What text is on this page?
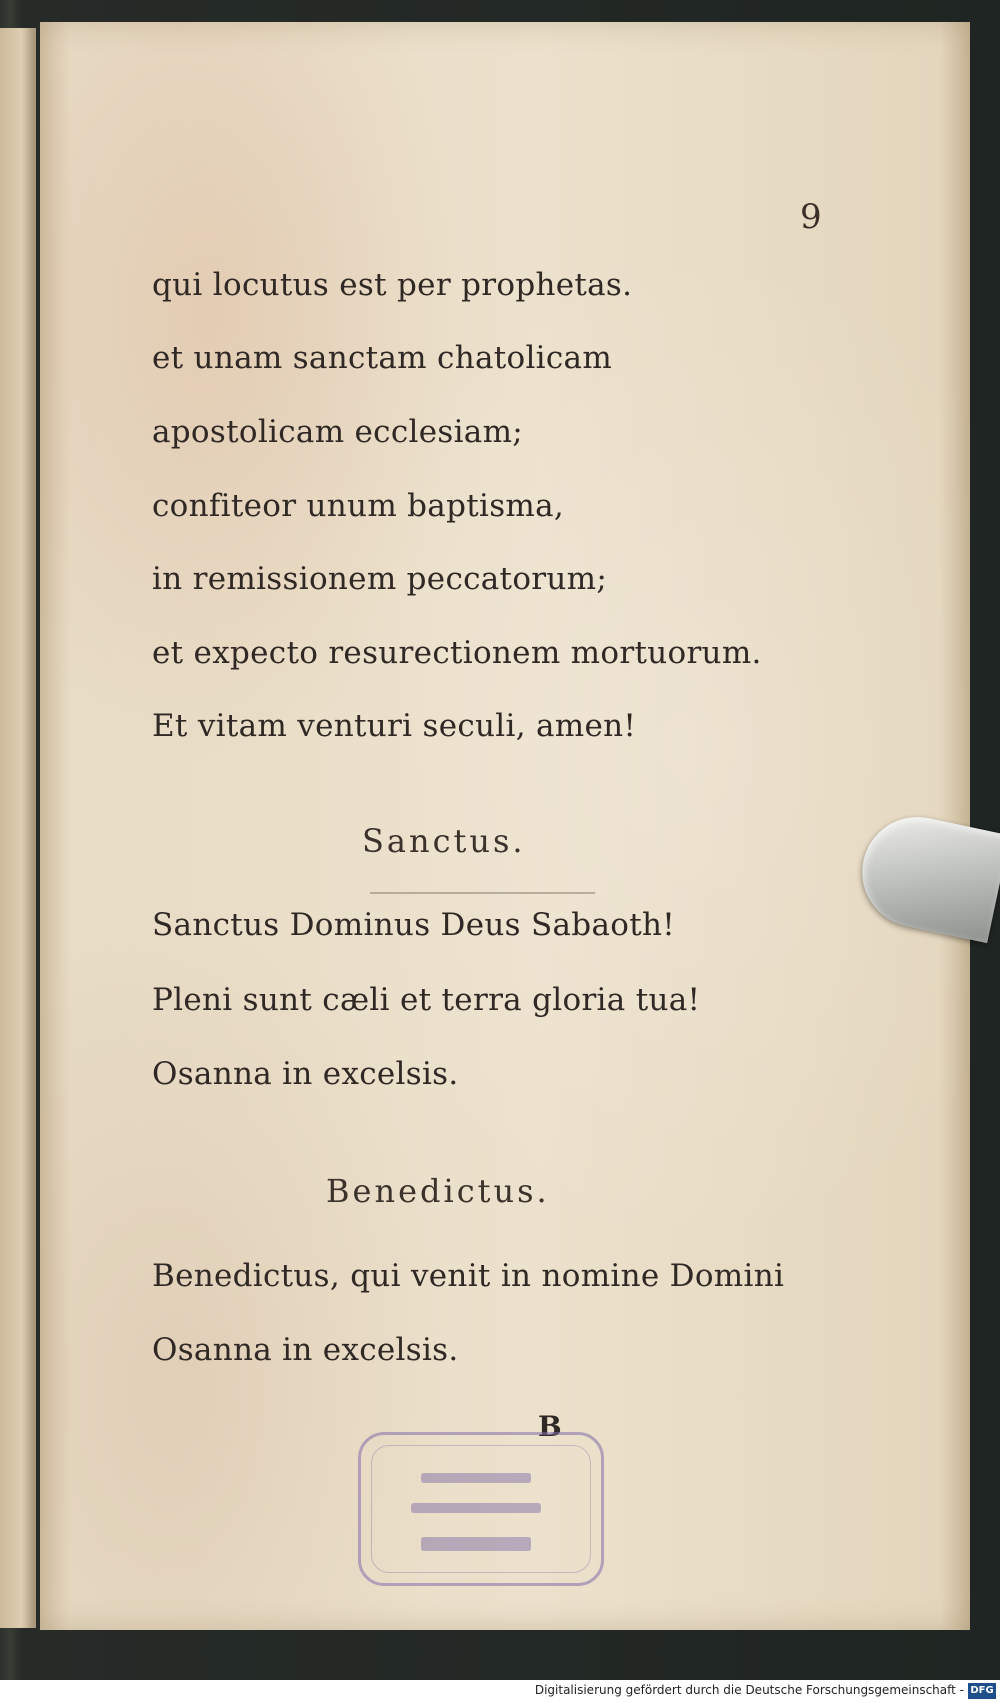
9
qui locutus est per prophetas.
et unam sanctam chatolicam
apostolicam ecclesiam;
confiteor unum baptisma,
in remissionem peccatorum;
et expecto resurectionem mortuorum.
Et vitam venturi seculi, amen!
Sanctus.
Sanctus Dominus Deus Sabaoth!
Pleni sunt cæli et terra gloria tua!
Osanna in excelsis.
Benedictus.
Benedictus, qui venit in nomine Domini
Osanna in excelsis.
B
Digitalisierung gefördert durch die Deutsche Forschungsgemeinschaft - DFG
